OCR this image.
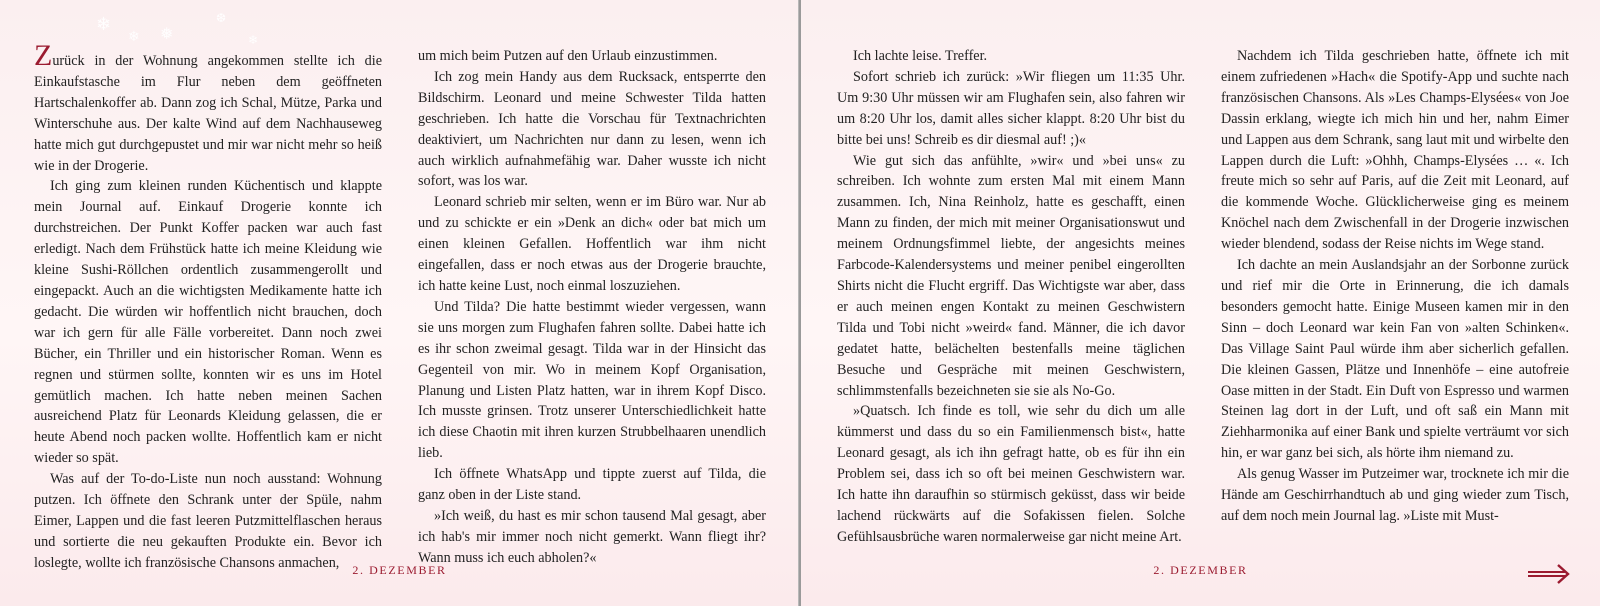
❄
❄ ❅
❆
❄

Zurück in der Wohnung angekommen stellte ich die Einkaufstasche im Flur neben dem geöffneten Hartschalenkoffer ab. Dann zog ich Schal, Mütze, Parka und Winterschuhe aus. Der kalte Wind auf dem Nachhauseweg hatte mich gut durchgepustet und mir war nicht mehr so heiß wie in der Drogerie.

Ich ging zum kleinen runden Küchentisch und klappte mein Journal auf. Einkauf Drogerie konnte ich durchstreichen. Der Punkt Koffer packen war auch fast erledigt. Nach dem Frühstück hatte ich meine Kleidung wie kleine Sushi-Röllchen ordentlich zusammengerollt und eingepackt. Auch an die wichtigsten Medikamente hatte ich gedacht. Die würden wir hoffentlich nicht brauchen, doch war ich gern für alle Fälle vorbereitet. Dann noch zwei Bücher, ein Thriller und ein historischer Roman. Wenn es regnen und stürmen sollte, konnten wir es uns im Hotel gemütlich machen. Ich hatte neben meinen Sachen ausreichend Platz für Leonards Kleidung gelassen, die er heute Abend noch packen wollte. Hoffentlich kam er nicht wieder so spät.

Was auf der To-do-Liste nun noch ausstand: Wohnung putzen. Ich öffnete den Schrank unter der Spüle, nahm Eimer, Lappen und die fast leeren Putzmittelflaschen heraus und sortierte die neu gekauften Produkte ein. Bevor ich loslegte, wollte ich französische Chansons anmachen,

um mich beim Putzen auf den Urlaub einzustimmen.

Ich zog mein Handy aus dem Rucksack, entsperrte den Bildschirm. Leonard und meine Schwester Tilda hatten geschrieben. Ich hatte die Vorschau für Textnachrichten deaktiviert, um Nachrichten nur dann zu lesen, wenn ich auch wirklich aufnahmefähig war. Daher wusste ich nicht sofort, was los war.

Leonard schrieb mir selten, wenn er im Büro war. Nur ab und zu schickte er ein »Denk an dich« oder bat mich um einen kleinen Gefallen. Hoffentlich war ihm nicht eingefallen, dass er noch etwas aus der Drogerie brauchte, ich hatte keine Lust, noch einmal loszuziehen.

Und Tilda? Die hatte bestimmt wieder vergessen, wann sie uns morgen zum Flughafen fahren sollte. Dabei hatte ich es ihr schon zweimal gesagt. Tilda war in der Hinsicht das Gegenteil von mir. Wo in meinem Kopf Organisation, Planung und Listen Platz hatten, war in ihrem Kopf Disco. Ich musste grinsen. Trotz unserer Unterschiedlichkeit hatte ich diese Chaotin mit ihren kurzen Strubbelhaaren unendlich lieb.

Ich öffnete WhatsApp und tippte zuerst auf Tilda, die ganz oben in der Liste stand.

»Ich weiß, du hast es mir schon tausend Mal gesagt, aber ich hab's mir immer noch nicht gemerkt. Wann fliegt ihr? Wann muss ich euch abholen?«

2. DEZEMBER

Ich lachte leise. Treffer.

Sofort schrieb ich zurück: »Wir fliegen um 11:35 Uhr. Um 9:30 Uhr müssen wir am Flughafen sein, also fahren wir um 8:20 Uhr los, damit alles sicher klappt. 8:20 Uhr bist du bitte bei uns! Schreib es dir diesmal auf! ;)«

Wie gut sich das anfühlte, »wir« und »bei uns« zu schreiben. Ich wohnte zum ersten Mal mit einem Mann zusammen. Ich, Nina Reinholz, hatte es geschafft, einen Mann zu finden, der mich mit meiner Organisationswut und meinem Ordnungsfimmel liebte, der angesichts meines Farbcode-Kalendersystems und meiner penibel eingerollten Shirts nicht die Flucht ergriff. Das Wichtigste war aber, dass er auch meinen engen Kontakt zu meinen Geschwistern Tilda und Tobi nicht »weird« fand. Männer, die ich davor gedatet hatte, belächelten bestenfalls meine täglichen Besuche und Gespräche mit meinen Geschwistern, schlimmstenfalls bezeichneten sie sie als No-Go.

»Quatsch. Ich finde es toll, wie sehr du dich um alle kümmerst und dass du so ein Familienmensch bist«, hatte Leonard gesagt, als ich ihn gefragt hatte, ob es für ihn ein Problem sei, dass ich so oft bei meinen Geschwistern war. Ich hatte ihn daraufhin so stürmisch geküsst, dass wir beide lachend rückwärts auf die Sofakissen fielen. Solche Gefühlsausbrüche waren normalerweise gar nicht meine Art.

Nachdem ich Tilda geschrieben hatte, öffnete ich mit einem zufriedenen »Hach« die Spotify-App und suchte nach französischen Chansons. Als »Les Champs-Elysées« von Joe Dassin erklang, wiegte ich mich hin und her, nahm Eimer und Lappen aus dem Schrank, sang laut mit und wirbelte den Lappen durch die Luft: »Ohhh, Champs-Elysées … «. Ich freute mich so sehr auf Paris, auf die Zeit mit Leonard, auf die kommende Woche. Glücklicherweise ging es meinem Knöchel nach dem Zwischenfall in der Drogerie inzwischen wieder blendend, sodass der Reise nichts im Wege stand.

Ich dachte an mein Auslandsjahr an der Sorbonne zurück und rief mir die Orte in Erinnerung, die ich damals besonders gemocht hatte. Einige Museen kamen mir in den Sinn – doch Leonard war kein Fan von »alten Schinken«. Das Village Saint Paul würde ihm aber sicherlich gefallen. Die kleinen Gassen, Plätze und Innenhöfe – eine autofreie Oase mitten in der Stadt. Ein Duft von Espresso und warmen Steinen lag dort in der Luft, und oft saß ein Mann mit Ziehharmonika auf einer Bank und spielte verträumt vor sich hin, er war ganz bei sich, als hörte ihm niemand zu.

Als genug Wasser im Putzeimer war, trocknete ich mir die Hände am Geschirrhandtuch ab und ging wieder zum Tisch, auf dem noch mein Journal lag. »Liste mit Must-

2. DEZEMBER
